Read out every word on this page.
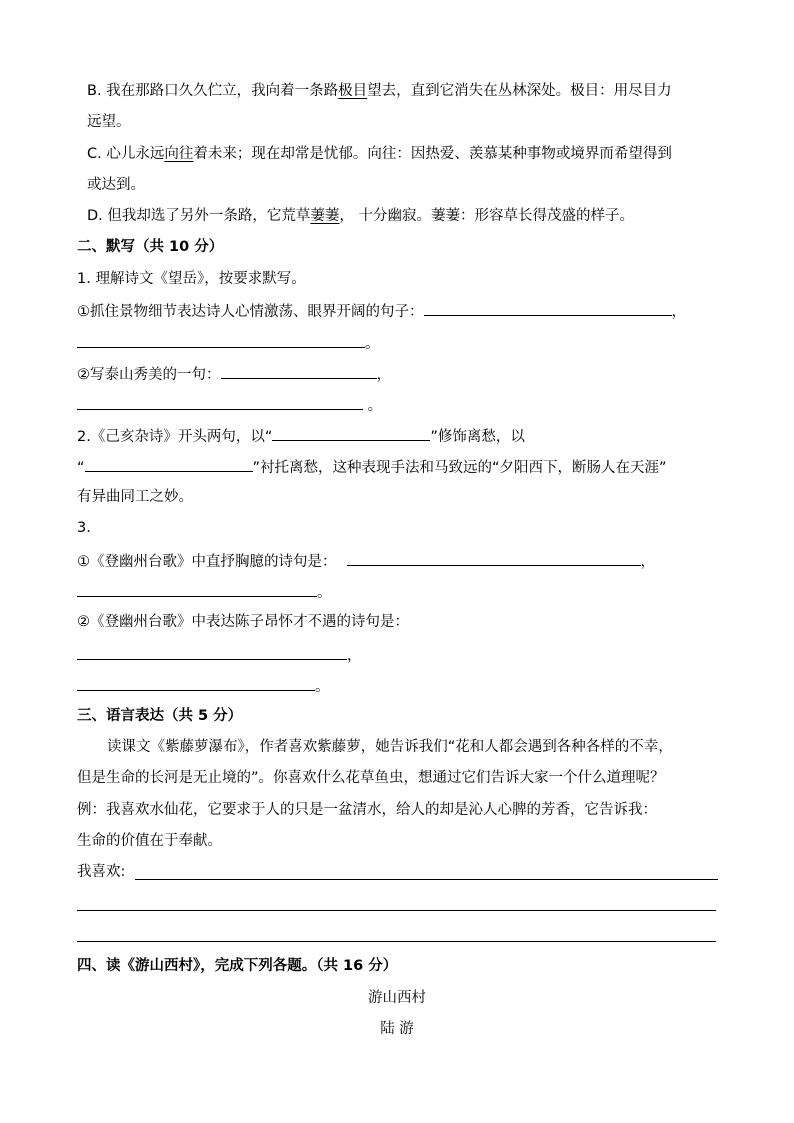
B. 我在那路口久久伫立，我向着一条路极目望去，直到它消失在丛林深处。极目：用尽目力
远望。
C. 心儿永远向往着未来；现在却常是忧郁。向往：因热爱、羡慕某种事物或境界而希望得到
或达到。
D. 但我却选了另外一条路，它荒草萋萋， 十分幽寂。萋萋：形容草长得茂盛的样子。
二、默写（共 10 分）
1. 理解诗文《望岳》，按要求默写。
①抓住景物细节表达诗人心情激荡、眼界开阔的句子：	，
。
②写泰山秀美的一句：	，
。
2.《己亥杂诗》开头两句，以“	”修饰离愁，以
“	”衬托离愁，这种表现手法和马致远的“夕阳西下，断肠人在天涯”
有异曲同工之妙。
3.
①《登幽州台歌》中直抒胸臆的诗句是：	，
。
②《登幽州台歌》中表达陈子昂怀才不遇的诗句是：
，
。
三、语言表达（共 5 分）
读课文《紫藤萝瀑布》，作者喜欢紫藤萝，她告诉我们“花和人都会遇到各种各样的不幸，
但是生命的长河是无止境的”。你喜欢什么花草鱼虫，想通过它们告诉大家一个什么道理呢？
例：我喜欢水仙花，它要求于人的只是一盆清水，给人的却是沁人心脾的芳香，它告诉我：
生命的价值在于奉献。
我喜欢:
四、读《游山西村》，完成下列各题。（共 16 分）
游山西村
陆 游
